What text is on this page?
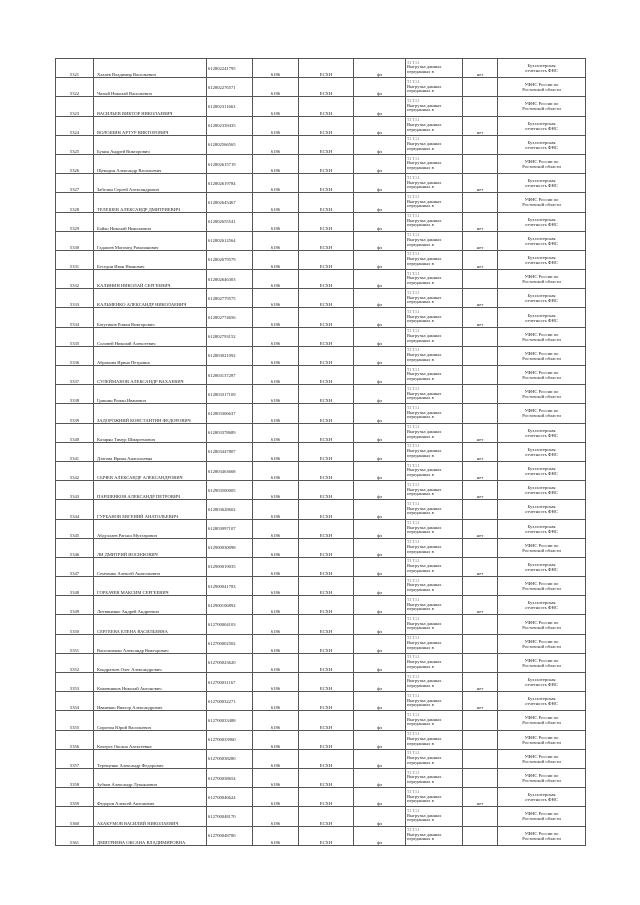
5321	Хахаев Владимир Васильевич	612802241795	6186	ЕСХН	фл	Т.1 Т.1.1
Выгрузка данных
переданных в	нет	Бухгалтерская
отчетность ФНС
5322	Чалый Николай Васильевич	612802276571	6186	ЕСХН	фл	Т.1 Т.1.1
Выгрузка данных
переданных в		УФНС России по
Ростовской области
5323	ВАСИЛЬЕВ ВИКТОР НИКОЛАЕВИЧ	612802311663	6186	ЕСХН	фл	Т.1 Т.1.1
Выгрузка данных
переданных в		УФНС России по
Ростовской области
5324	ВОЛОШИН АРТУР ВИКТОРОВИЧ	612802339435	6186	ЕСХН	фл	Т.1 Т.1.1
Выгрузка данных
переданных в	нет	Бухгалтерская
отчетность ФНС
5325	Букин Андрей Викторович	612802566565	6186	ЕСХН	фл	Т.1 Т.1.1
Выгрузка данных
переданных в		Бухгалтерская
отчетность ФНС
5326	Щекодин Александр Васильевич	612802615719	6186	ЕСХН	фл	Т.1 Т.1.1
Выгрузка данных
переданных в		УФНС России по
Ростовской области
5327	Забелин Сергей Александрович	612802619784	6186	ЕСХН	фл	Т.1 Т.1.1
Выгрузка данных
переданных в	нет	Бухгалтерская
отчетность ФНС
5328	ТЕЛЕШЕВ АЛЕКСАНДР ДМИТРИЕВИЧ	612802645467	6186	ЕСХН	фл	Т.1 Т.1.1
Выгрузка данных
переданных в		УФНС России по
Ростовской области
5329	Бойко Николай Николаевич	612802655541	6186	ЕСХН	фл	Т.1 Т.1.1
Выгрузка данных
переданных в	нет	Бухгалтерская
отчетность ФНС
5330	Гадашев Магомед Рамазанович	612802612564	6186	ЕСХН	фл	Т.1 Т.1.1
Выгрузка данных
переданных в	нет	Бухгалтерская
отчетность ФНС
5331	Беседин Иван Иванович	612802679579	6186	ЕСХН	фл	Т.1 Т.1.1
Выгрузка данных
переданных в	нет	Бухгалтерская
отчетность ФНС
5332	КАЛИНИН НИКОЛАЙ СЕРГЕЕВИЧ	612802646303	6186	ЕСХН	фл	Т.1 Т.1.1
Выгрузка данных
переданных в		УФНС России по
Ростовской области
5333	КАЛЬМЕНКО АЛЕКСАНДР НИКОЛАЕВИЧ	612802779575	6186	ЕСХН	фл	Т.1 Т.1.1
Выгрузка данных
переданных в	нет	Бухгалтерская
отчетность ФНС
5334	Батутиков Роман Викторович	612802774656	6186	ЕСХН	фл	Т.1 Т.1.1
Выгрузка данных
переданных в	нет	Бухгалтерская
отчетность ФНС
5335	Соловей Николай Алексеевич	612802793152	6186	ЕСХН	фл	Т.1 Т.1.1
Выгрузка данных
переданных в		УФНС России по
Ростовской области
5336	Абрамова Ирина Петровна	612803021092	6186	ЕСХН	фл	Т.1 Т.1.1
Выгрузка данных
переданных в		УФНС России по
Ростовской области
5337	СУЛЕЙМАНОВ АЛЕКСАНДР ВАХАЕВИЧ	612803137287	6186	ЕСХН	фл	Т.1 Т.1.1
Выгрузка данных
переданных в		УФНС России по
Ростовской области
5338	Гришин Роман Иванович	612803317109	6186	ЕСХН	фл	Т.1 Т.1.1
Выгрузка данных
переданных в		УФНС России по
Ростовской области
5339	ЗАДОРОЖНИЙ КОНСТАНТИН ФЕДОРОВИЧ	612803306637	6186	ЕСХН	фл	Т.1 Т.1.1
Выгрузка данных
переданных в		УФНС России по
Ростовской области
5340	Казарян Тимур Шмаргенович	612803378689	6186	ЕСХН	фл	Т.1 Т.1.1
Выгрузка данных
переданных в	нет	Бухгалтерская
отчетность ФНС
5341	Дзагова Ирина Анатольевна	612803447807	6186	ЕСХН	фл	Т.1 Т.1.1
Выгрузка данных
переданных в	нет	Бухгалтерская
отчетность ФНС
5342	СЫЧЕВ АЛЕКСАНДР АЛЕКСАНДРОВИЧ	612803463668	6186	ЕСХН	фл	Т.1 Т.1.1
Выгрузка данных
переданных в	нет	Бухгалтерская
отчетность ФНС
5343	ПАРШЕНКОВ АЛЕКСАНДР ПЕТРОВИЧ	612903500005	6186	ЕСХН	фл	Т.1 Т.1.1
Выгрузка данных
переданных в	нет	Бухгалтерская
отчетность ФНС
5344	ГУРБАНОВ ЕВГЕНИЙ АНАТОЛЬЕВИЧ	612803628602	6186	ЕСХН	фл	Т.1 Т.1.1
Выгрузка данных
переданных в		Бухгалтерская
отчетность ФНС
5345	Абдуллаев Рагыш Мухтарович	612803997107	6186	ЕСХН	фл	Т.1 Т.1.1
Выгрузка данных
переданных в	нет	Бухгалтерская
отчетность ФНС
5346	ЛИ ДМИТРИЙ ИОСИФОВИЧ	612900030098	6186	ЕСХН	фл	Т.1 Т.1.1
Выгрузка данных
переданных в		УФНС России по
Ростовской области
5347	Семченко Алексей Анатольевич	612900019035	6186	ЕСХН	фл	Т.1 Т.1.1
Выгрузка данных
переданных в	нет	Бухгалтерская
отчетность ФНС
5348	ГОРБАЧЕВ МАКСИМ СЕРГЕЕВИЧ	612900041783	6186	ЕСХН	фл	Т.1 Т.1.1
Выгрузка данных
переданных в		УФНС России по
Ростовской области
5349	Литвиненко Андрей Андреевич	612900106892	6186	ЕСХН	фл	Т.1 Т.1.1
Выгрузка данных
переданных в	нет	Бухгалтерская
отчетность ФНС
5350	СЕРГЕЕВА ЕЛЕНА ВАСИЛЬЕВНА	612700004103	6186	ЕСХН	фл	Т.1 Т.1.1
Выгрузка данных
переданных в		УФНС России по
Ростовской области
5351	Васильченко Александр Викторович	612700002502	6186	ЕСХН	фл	Т.1 Т.1.1
Выгрузка данных
переданных в		УФНС России по
Ростовской области
5352	Кондратьев Олег Александрович	612700023620	6186	ЕСХН	фл	Т.1 Т.1.1
Выгрузка данных
переданных в		УФНС России по
Ростовской области
5353	Кожевников Николай Антонович	612700031167	6186	ЕСХН	фл	Т.1 Т.1.1
Выгрузка данных
переданных в	нет	Бухгалтерская
отчетность ФНС
5354	Иваненко Виктор Александрович	612700032271	6186	ЕСХН	фл	Т.1 Т.1.1
Выгрузка данных
переданных в	нет	Бухгалтерская
отчетность ФНС
5355	Сиротин Юрий Васильевич	612700033488	6186	ЕСХН	фл	Т.1 Т.1.1
Выгрузка данных
переданных в		УФНС России по
Ростовской области
5356	Кочерга Оксана Алексеевна	612700033960	6186	ЕСХН	фл	Т.1 Т.1.1
Выгрузка данных
переданных в		УФНС России по
Ростовской области
5357	Терещенко Александр Федорович	612700038280	6186	ЕСХН	фл	Т.1 Т.1.1
Выгрузка данных
переданных в		УФНС России по
Ростовской области
5358	Зубков Александр Лукьянович	612700038654	6186	ЕСХН	фл	Т.1 Т.1.1
Выгрузка данных
переданных в		УФНС России по
Ростовской области
5359	Федоров Алексей Антонович	612700046624	6186	ЕСХН	фл	Т.1 Т.1.1
Выгрузка данных
переданных в	нет	Бухгалтерская
отчетность ФНС
5360	АБАКУМОВ ВАСИЛИЙ НИКОЛАЕВИЧ	612700048170	6186	ЕСХН	фл	Т.1 Т.1.1
Выгрузка данных
переданных в		УФНС России по
Ростовской области
5361	ДМИТРИЕВА ОКСАНА ВЛАДИМИРОВНА	612700048780	6186	ЕСХН	фл	Т.1 Т.1.1
Выгрузка данных
переданных в		УФНС России по
Ростовской области
